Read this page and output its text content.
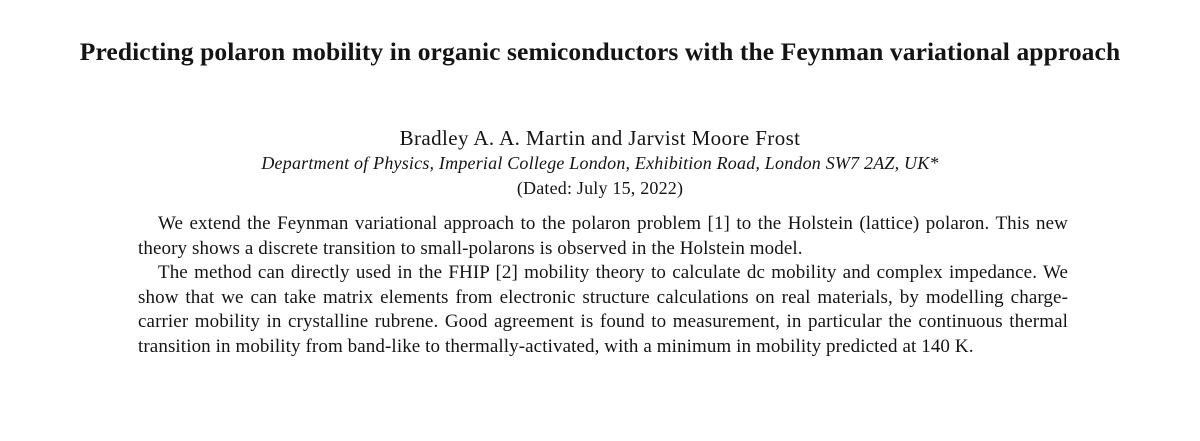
Predicting polaron mobility in organic semiconductors with the Feynman variational approach
Bradley A. A. Martin and Jarvist Moore Frost
Department of Physics, Imperial College London, Exhibition Road, London SW7 2AZ, UK*
(Dated: July 15, 2022)

We extend the Feynman variational approach to the polaron problem [1] to the Holstein (lattice) polaron. This new theory shows a discrete transition to small-polarons is observed in the Holstein model.

The method can directly used in the FHIP [2] mobility theory to calculate dc mobility and complex impedance. We show that we can take matrix elements from electronic structure calculations on real materials, by modelling charge-carrier mobility in crystalline rubrene. Good agreement is found to measurement, in particular the continuous thermal transition in mobility from band-like to thermally-activated, with a minimum in mobility predicted at 140 K.
